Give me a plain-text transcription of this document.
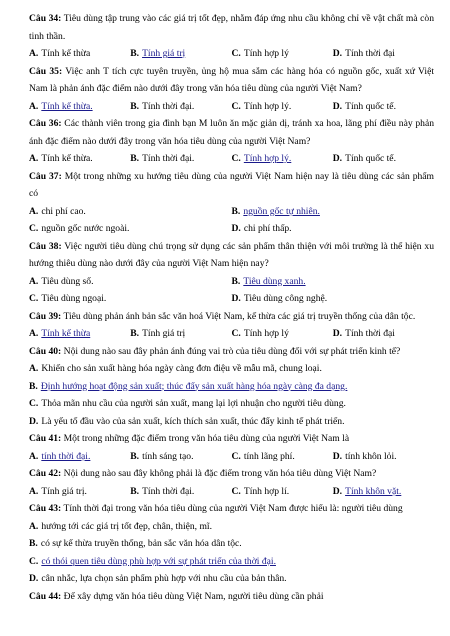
Câu 34: Tiêu dùng tập trung vào các giá trị tốt đẹp, nhằm đáp ứng nhu cầu không chỉ về vật chất mà còn tinh thần.
A. Tính kế thừa	B. Tính giá trị	C. Tính hợp lý	D. Tính thời đại
Câu 35: Việc anh T tích cực tuyên truyền, ủng hộ mua sắm các hàng hóa có nguồn gốc, xuất xứ Việt Nam là phản ánh đặc điểm nào dưới đây trong văn hóa tiêu dùng của người Việt Nam?
A. Tính kế thừa.	B. Tính thời đại.	C. Tính hợp lý.	D. Tính quốc tế.
Câu 36: Các thành viên trong gia đình bạn M luôn ăn mặc giản dị, tránh xa hoa, lãng phí điều này phản ánh đặc điểm nào dưới đây trong văn hóa tiêu dùng của người Việt Nam?
A. Tính kế thừa.	B. Tính thời đại.	C. Tính hợp lý.	D. Tính quốc tế.
Câu 37: Một trong những xu hướng tiêu dùng của người Việt Nam hiện nay là tiêu dùng các sản phẩm có
A. chi phí cao.	B. nguồn gốc tự nhiên.
C. nguồn gốc nước ngoài.	D. chi phí thấp.
Câu 38: Việc người tiêu dùng chú trọng sử dụng các sản phẩm thân thiện với môi trường là thể hiện xu hướng thiêu dùng nào dưới đây của người Việt Nam hiện nay?
A. Tiêu dùng số.	B. Tiêu dùng xanh.
C. Tiêu dùng ngoại.	D. Tiêu dùng công nghệ.
Câu 39: Tiêu dùng phản ánh bản sắc văn hoá Việt Nam, kế thừa các giá trị truyền thống của dân tộc.
A. Tính kế thừa	B. Tính giá trị	C. Tính hợp lý	D. Tính thời đại
Câu 40: Nội dung nào sau đây phản ánh đúng vai trò của tiêu dùng đối với sự phát triển kinh tế?
A. Khiến cho sản xuất hàng hóa ngày càng đơn điệu về mẫu mã, chung loại.
B. Định hướng hoạt động sản xuất; thúc đẩy sản xuất hàng hóa ngày càng đa dạng.
C. Thỏa mãn nhu cầu của người sản xuất, mang lại lợi nhuận cho người tiêu dùng.
D. Là yếu tố đầu vào của sản xuất, kích thích sản xuất, thúc đẩy kinh tế phát triển.
Câu 41: Một trong những đặc điểm trong văn hóa tiêu dùng của người Việt Nam là
A. tính thời đại.	B. tính sáng tạo.	C. tính lãng phí.	D. tính khôn lỏi.
Câu 42: Nội dung nào sau đây không phải là đặc điểm trong văn hóa tiêu dùng Việt Nam?
A. Tính giá trị.	B. Tính thời đại.	C. Tính hợp lí.	D. Tính khôn vặt.
Câu 43: Tính thời đại trong văn hóa tiêu dùng của người Việt Nam được hiểu là: người tiêu dùng
A. hướng tới các giá trị tốt đẹp, chân, thiện, mĩ.
B. có sự kế thừa truyền thống, bản sắc văn hóa dân tộc.
C. có thói quen tiêu dùng phù hợp với sự phát triển của thời đại.
D. cân nhắc, lựa chọn sản phẩm phù hợp với nhu cầu của bản thân.
Câu 44: Để xây dựng văn hóa tiêu dùng Việt Nam, người tiêu dùng cần phải
